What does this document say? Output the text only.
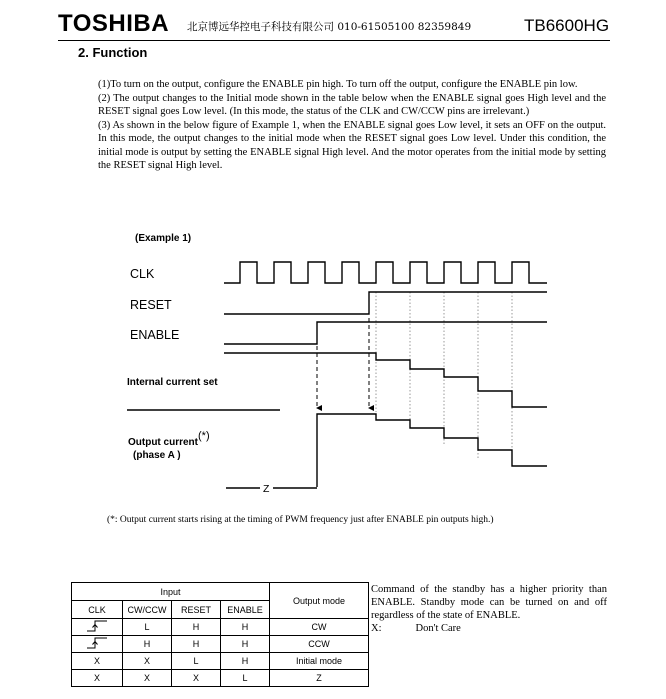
TOSHIBA 北京博远华控电子科技有限公司 010-61505100 82359849	TB6600HG
2. Function

(1)To turn on the output, configure the ENABLE pin high. To turn off the output, configure the ENABLE pin low.

(2) The output changes to the Initial mode shown in the table below when the ENABLE signal goes High level and the RESET signal goes Low level. (In this mode, the status of the CLK and CW/CCW pins are irrelevant.)

(3) As shown in the below figure of Example 1, when the ENABLE signal goes Low level, it sets an OFF on the output. In this mode, the output changes to the initial mode when the RESET signal goes Low level. Under this condition, the initial mode is output by setting the ENABLE signal High level. And the motor operates from the initial mode by setting the RESET signal High level.

(Example 1)
CLK
RESET
ENABLE
Internal current set
Output current(*)
(phase A )
Z
(*: Output current starts rising at the timing of PWM frequency just after ENABLE pin outputs high.)
Input				Output mode
CLK	CW/CCW	RESET	ENABLE	
	L	H	H	CW
	H	H	H	CCW
X	X	L	H	Initial mode
X	X	X	L	Z

Command of the standby has a higher priority than ENABLE. Standby mode can be turned on and off regardless of the state of ENABLE.

X:	Don't Care
